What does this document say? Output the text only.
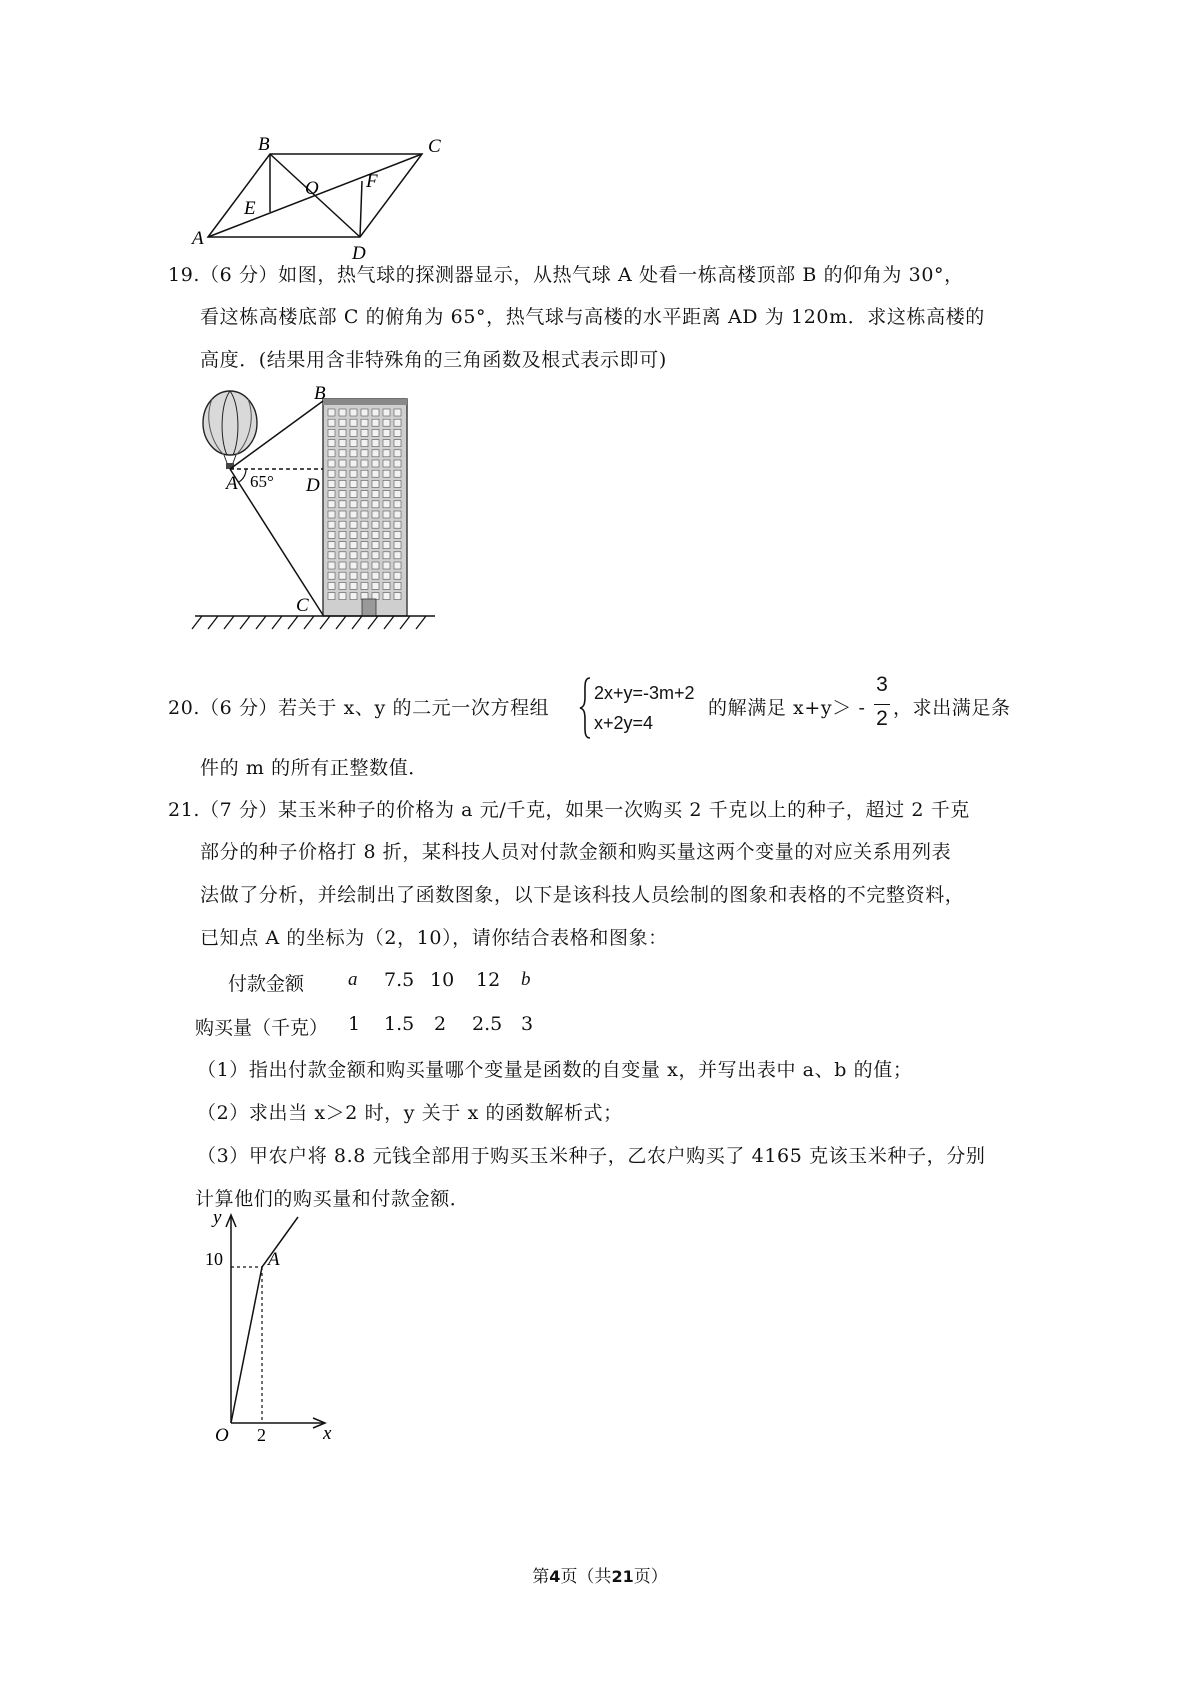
B	C
O F
E
A
D
19.（6 分）如图，热气球的探测器显示，从热气球 A 处看一栋高楼顶部 B 的仰角为 30°，
看这栋高楼底部 C 的俯角为 65°，热气球与高楼的水平距离 AD 为 120m．求这栋高楼的
高度．(结果用含非特殊角的三角函数及根式表示即可)
B
A 65° D
C
20.（6 分）若关于 x、y 的二元一次方程组
2x+y=-3m+2
x+2y=4
的解满足 x+y＞ -
3
2 ，求出满足条
件的 m 的所有正整数值．
21.（7 分）某玉米种子的价格为 a 元/千克，如果一次购买 2 千克以上的种子，超过 2 千克
部分的种子价格打 8 折，某科技人员对付款金额和购买量这两个变量的对应关系用列表
法做了分析，并绘制出了函数图象，以下是该科技人员绘制的图象和表格的不完整资料，
已知点 A 的坐标为（2，10），请你结合表格和图象：
付款金额 a 7.5 10 12 b
购买量（千克） 1 1.5 2 2.5 3
（1）指出付款金额和购买量哪个变量是函数的自变量 x，并写出表中 a、b 的值；
（2）求出当 x＞2 时，y 关于 x 的函数解析式；
（3）甲农户将 8.8 元钱全部用于购买玉米种子，乙农户购买了 4165 克该玉米种子，分别
计算他们的购买量和付款金额．
y
x
O
10
2
A
第4页（共21页）
